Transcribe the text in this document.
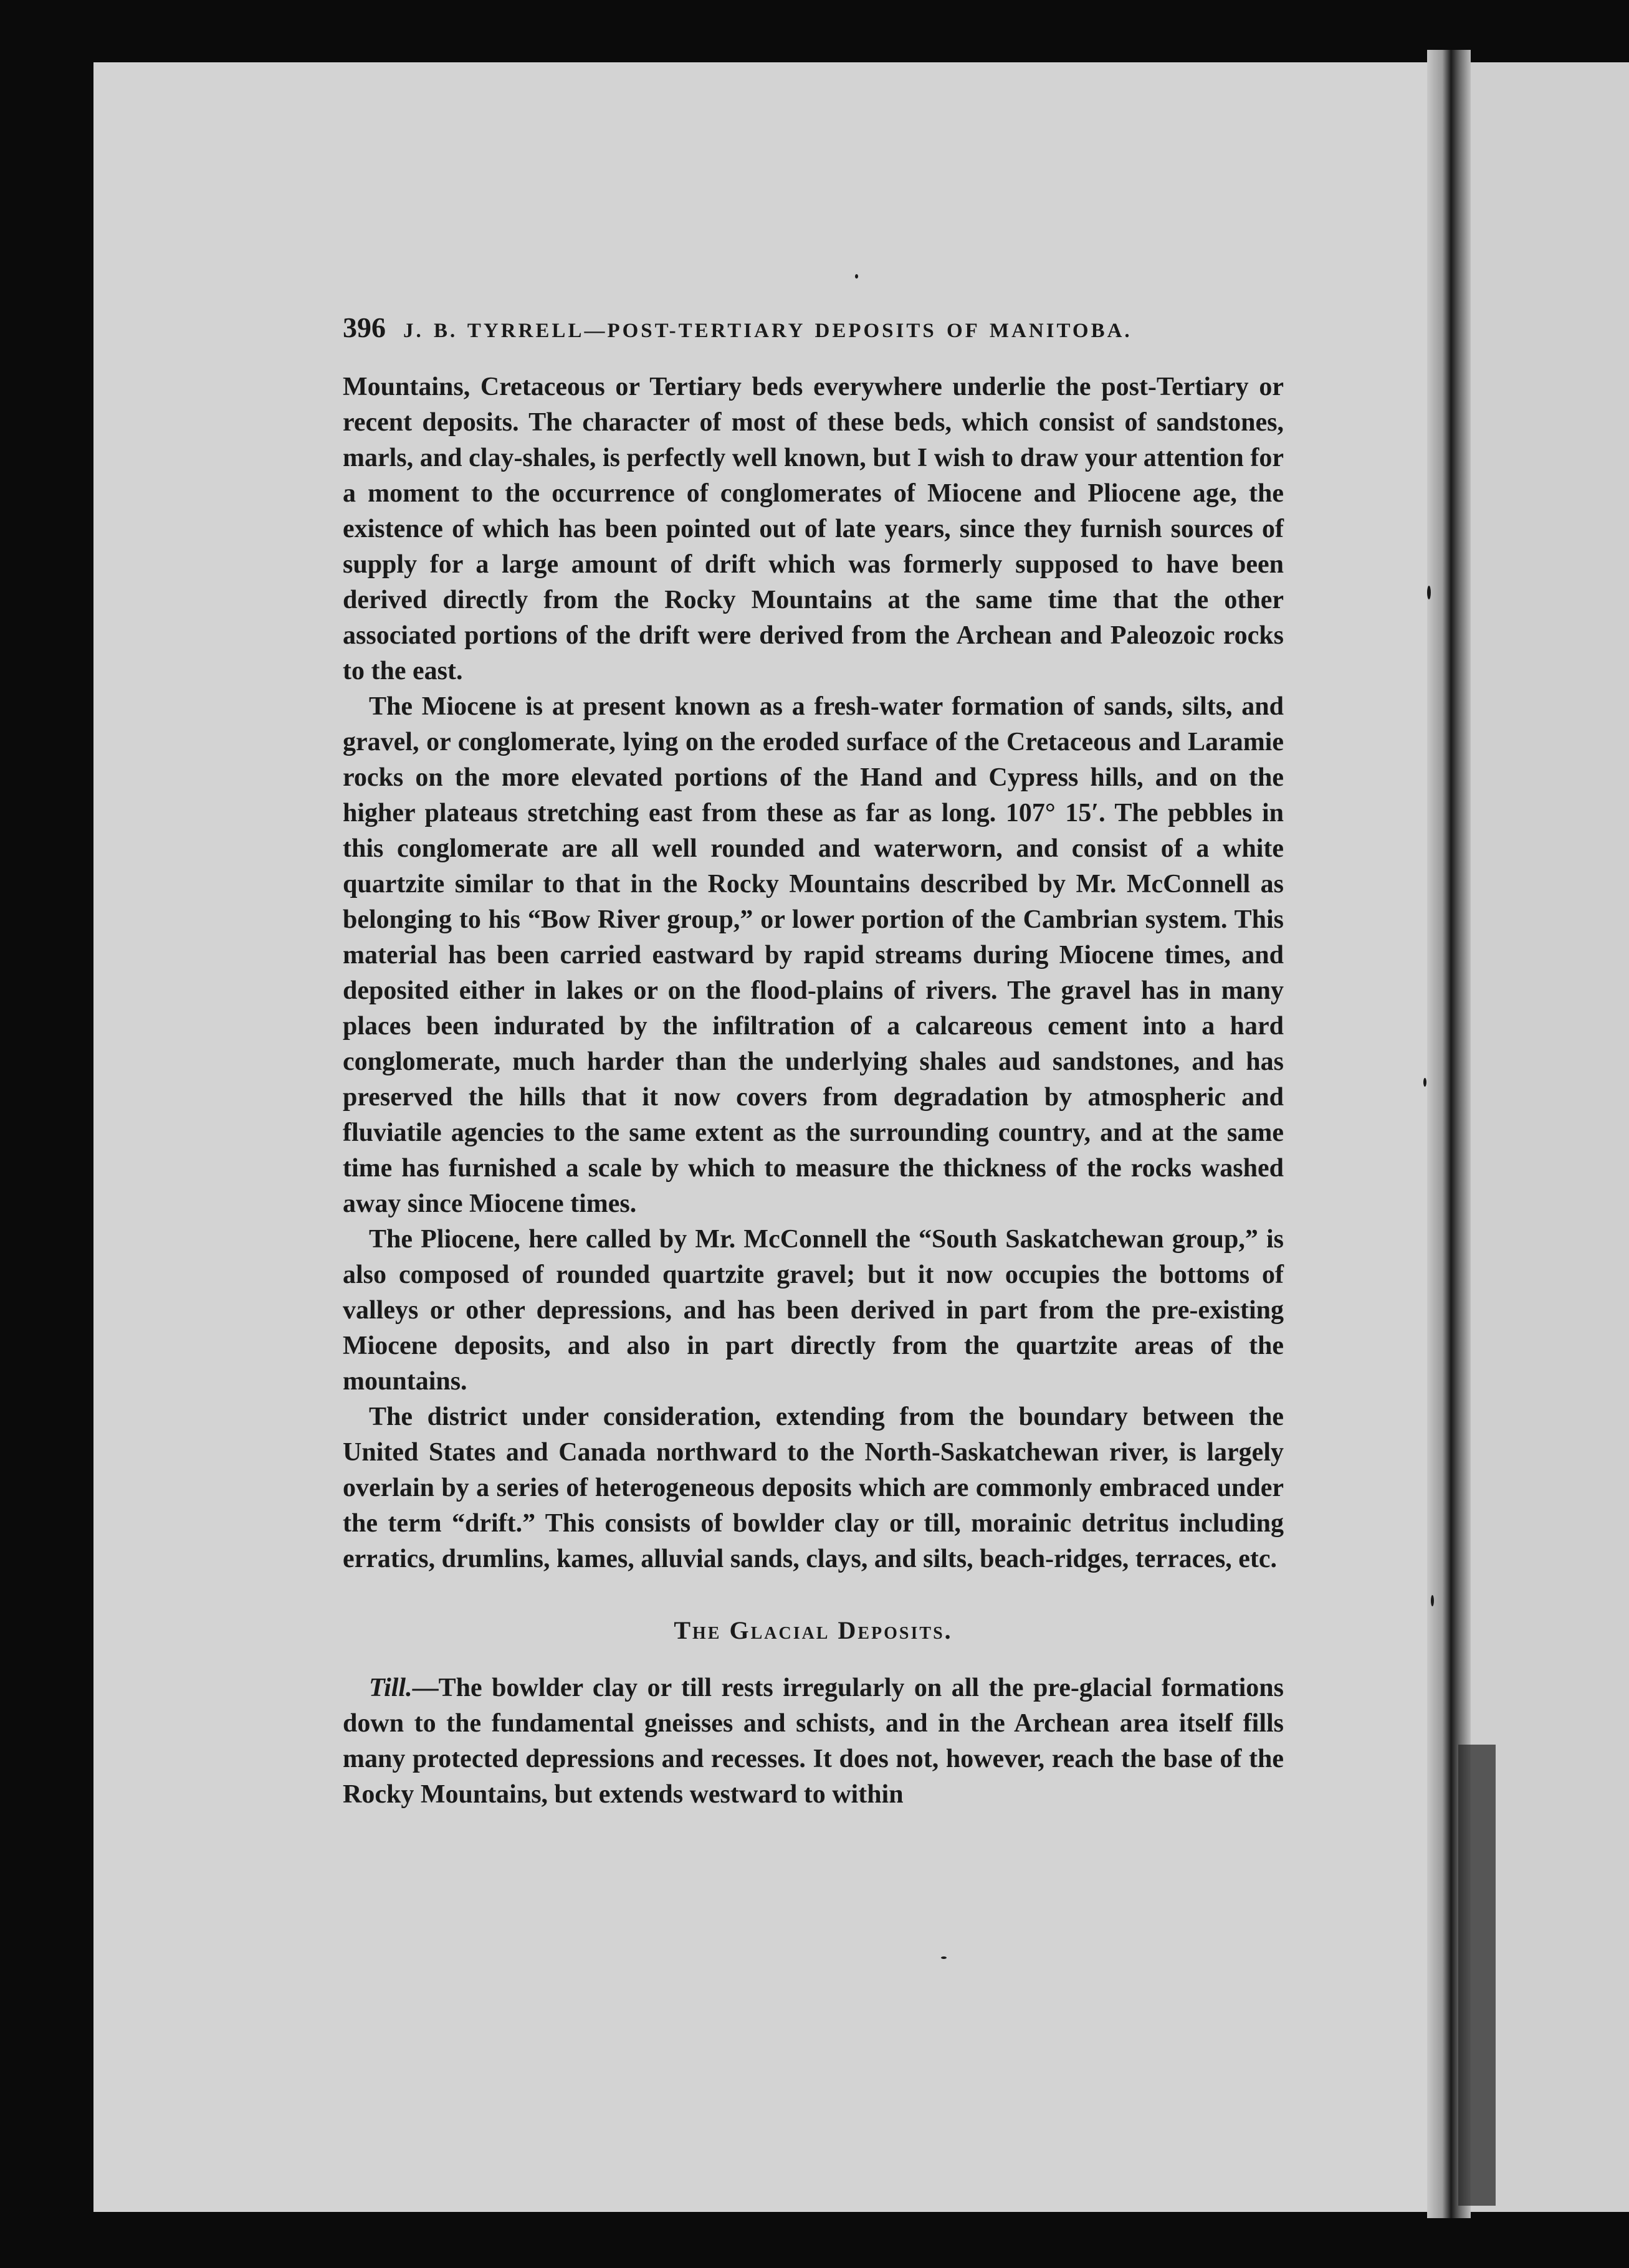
396 J. B. TYRRELL—POST-TERTIARY DEPOSITS OF MANITOBA.

Mountains, Cretaceous or Tertiary beds everywhere underlie the post-Tertiary or recent deposits. The character of most of these beds, which consist of sandstones, marls, and clay-shales, is perfectly well known, but I wish to draw your attention for a moment to the occurrence of conglomerates of Miocene and Pliocene age, the existence of which has been pointed out of late years, since they furnish sources of supply for a large amount of drift which was formerly supposed to have been derived directly from the Rocky Mountains at the same time that the other associated portions of the drift were derived from the Archean and Paleozoic rocks to the east.

The Miocene is at present known as a fresh-water formation of sands, silts, and gravel, or conglomerate, lying on the eroded surface of the Cretaceous and Laramie rocks on the more elevated portions of the Hand and Cypress hills, and on the higher plateaus stretching east from these as far as long. 107° 15′. The pebbles in this conglomerate are all well rounded and waterworn, and consist of a white quartzite similar to that in the Rocky Mountains described by Mr. McConnell as belonging to his “Bow River group,” or lower portion of the Cambrian system. This material has been carried eastward by rapid streams during Miocene times, and deposited either in lakes or on the flood-plains of rivers. The gravel has in many places been indurated by the infiltration of a calcareous cement into a hard conglomerate, much harder than the underlying shales aud sandstones, and has preserved the hills that it now covers from degradation by atmospheric and fluviatile agencies to the same extent as the surrounding country, and at the same time has furnished a scale by which to measure the thickness of the rocks washed away since Miocene times.

The Pliocene, here called by Mr. McConnell the “South Saskatchewan group,” is also composed of rounded quartzite gravel; but it now occupies the bottoms of valleys or other depressions, and has been derived in part from the pre-existing Miocene deposits, and also in part directly from the quartzite areas of the mountains.

The district under consideration, extending from the boundary between the United States and Canada northward to the North-Saskatchewan river, is largely overlain by a series of heterogeneous deposits which are commonly embraced under the term “drift.” This consists of bowlder clay or till, morainic detritus including erratics, drumlins, kames, alluvial sands, clays, and silts, beach-ridges, terraces, etc.

The Glacial Deposits.

Till.—The bowlder clay or till rests irregularly on all the pre-glacial formations down to the fundamental gneisses and schists, and in the Archean area itself fills many protected depressions and recesses. It does not, however, reach the base of the Rocky Mountains, but extends westward to within
